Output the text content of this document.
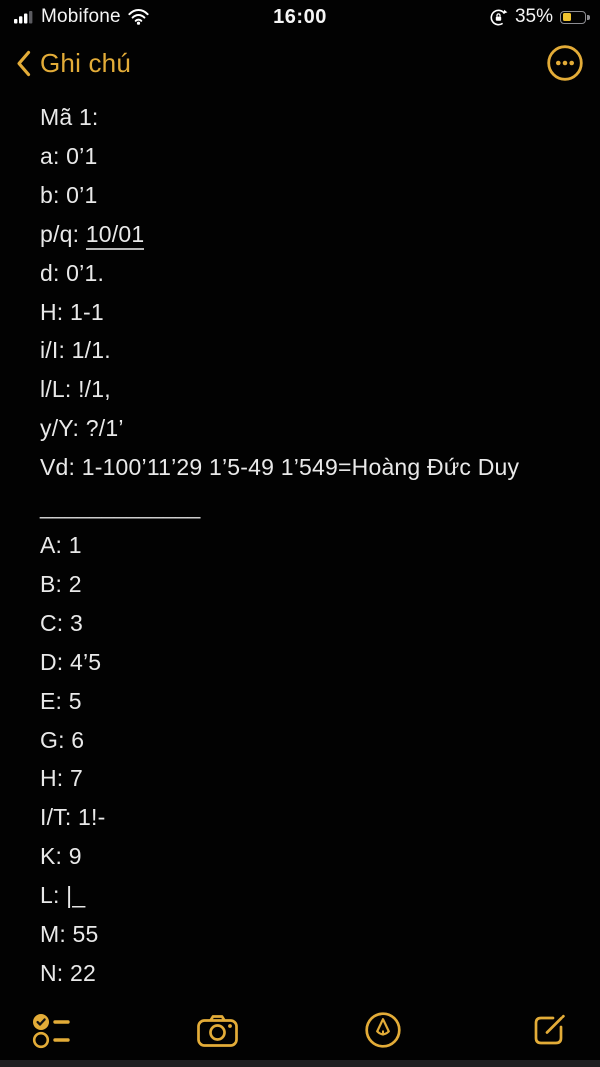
Mobifone	16:00	35%
Ghi chú
Mã 1:
a: 0’1
b: 0’1
p/q: 10/01
d: 0’1.
H: 1-1
i/I: 1/1.
l/L: !/1,
y/Y: ?/1’
Vd: 1-100’11’29 1’5-49 1’549=Hoàng Đức Duy
_____________
A: 1
B: 2
C: 3
D: 4’5
E: 5
G: 6
H: 7
I/T: 1!-
K: 9
L: |_
M: 55
N: 22
